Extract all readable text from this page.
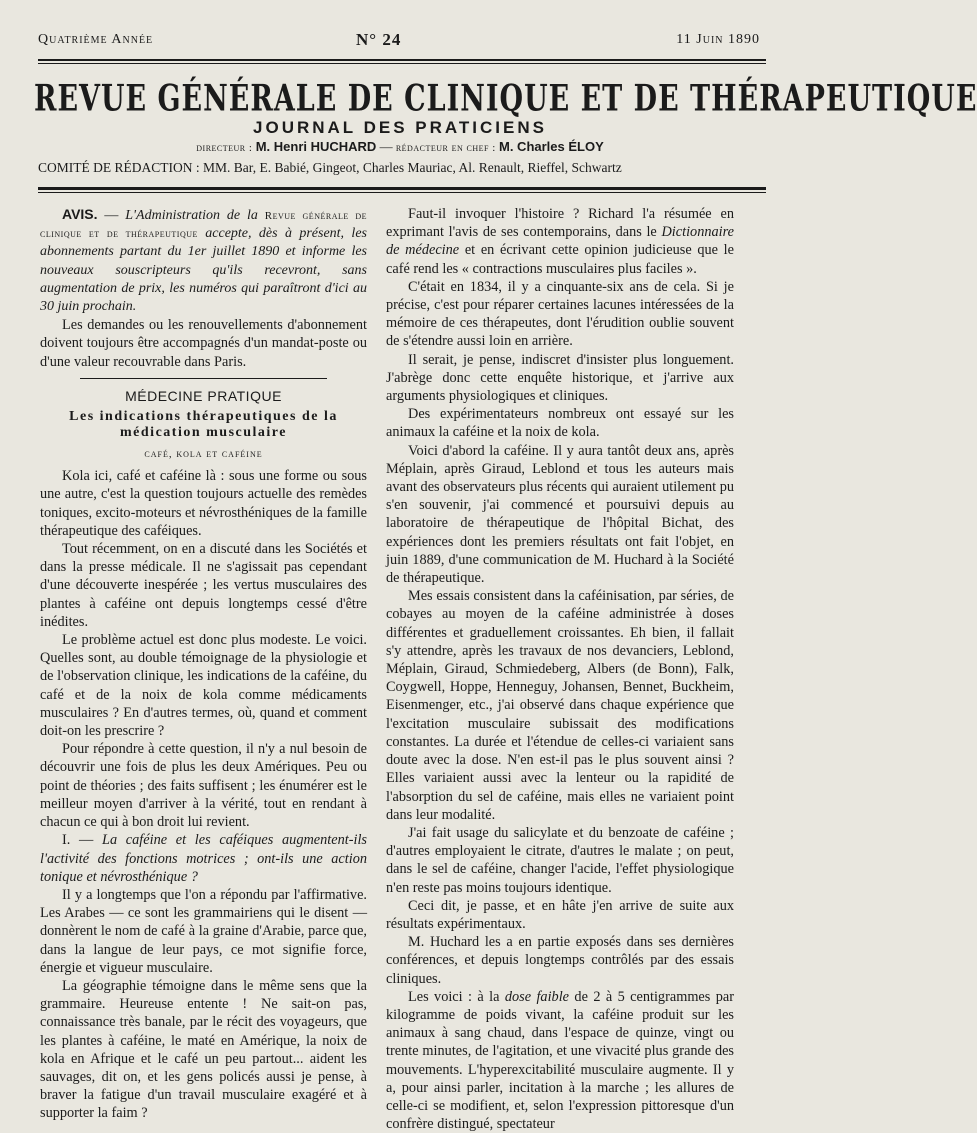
Quatrième Année	N° 24	11 Juin 1890
REVUE GÉNÉRALE DE CLINIQUE ET DE THÉRAPEUTIQUE
JOURNAL DES PRATICIENS
directeur : M. Henri HUCHARD — rédacteur en chef : M. Charles ÉLOY
COMITÉ DE RÉDACTION : MM. Bar, E. Babié, Gingeot, Charles Mauriac, Al. Renault, Rieffel, Schwartz

AVIS. — L'Administration de la Revue générale de clinique et de thérapeutique accepte, dès à présent, les abonnements partant du 1er juillet 1890 et informe les nouveaux souscripteurs qu'ils recevront, sans augmentation de prix, les numéros qui paraîtront d'ici au 30 juin prochain.

Les demandes ou les renouvellements d'abonnement doivent toujours être accompagnés d'un mandat-poste ou d'une valeur recouvrable dans Paris.

MÉDECINE PRATIQUE
Les indications thérapeutiques de la médication musculaire
café, kola et caféine

Kola ici, café et caféine là : sous une forme ou sous une autre, c'est la question toujours actuelle des remèdes toniques, excito-moteurs et névrosthéniques de la famille thérapeutique des caféiques.

Tout récemment, on en a discuté dans les Sociétés et dans la presse médicale. Il ne s'agissait pas cependant d'une découverte inespérée ; les vertus musculaires des plantes à caféine ont depuis longtemps cessé d'être inédites.

Le problème actuel est donc plus modeste. Le voici. Quelles sont, au double témoignage de la physiologie et de l'observation clinique, les indications de la caféine, du café et de la noix de kola comme médicaments musculaires ? En d'autres termes, où, quand et comment doit-on les prescrire ?

Pour répondre à cette question, il n'y a nul besoin de découvrir une fois de plus les deux Amériques. Peu ou point de théories ; des faits suffisent ; les énumérer est le meilleur moyen d'arriver à la vérité, tout en rendant à chacun ce qui à bon droit lui revient.

I. — La caféine et les caféiques augmentent-ils l'activité des fonctions motrices ; ont-ils une action tonique et névrosthénique ?

Il y a longtemps que l'on a répondu par l'affirmative. Les Arabes — ce sont les grammairiens qui le disent — donnèrent le nom de café à la graine d'Arabie, parce que, dans la langue de leur pays, ce mot signifie force, énergie et vigueur musculaire.

La géographie témoigne dans le même sens que la grammaire. Heureuse entente ! Ne sait-on pas, connaissance très banale, par le récit des voyageurs, que les plantes à caféine, le maté en Amérique, la noix de kola en Afrique et le café un peu partout... aident les sauvages, dit on, et les gens policés aussi je pense, à braver la fatigue d'un travail musculaire exagéré et à supporter la faim ?

Faut-il invoquer l'histoire ? Richard l'a résumée en exprimant l'avis de ses contemporains, dans le Dictionnaire de médecine et en écrivant cette opinion judicieuse que le café rend les « contractions musculaires plus faciles ».

C'était en 1834, il y a cinquante-six ans de cela. Si je précise, c'est pour réparer certaines lacunes intéressées de la mémoire de ces thérapeutes, dont l'érudition oublie souvent de s'étendre aussi loin en arrière.

Il serait, je pense, indiscret d'insister plus longuement. J'abrège donc cette enquête historique, et j'arrive aux arguments physiologiques et cliniques.

Des expérimentateurs nombreux ont essayé sur les animaux la caféine et la noix de kola.

Voici d'abord la caféine. Il y aura tantôt deux ans, après Méplain, après Giraud, Leblond et tous les auteurs mais avant des observateurs plus récents qui auraient utilement pu s'en souvenir, j'ai commencé et poursuivi depuis au laboratoire de thérapeutique de l'hôpital Bichat, des expériences dont les premiers résultats ont fait l'objet, en juin 1889, d'une communication de M. Huchard à la Société de thérapeutique.

Mes essais consistent dans la caféinisation, par séries, de cobayes au moyen de la caféine administrée à doses différentes et graduellement croissantes. Eh bien, il fallait s'y attendre, après les travaux de nos devanciers, Leblond, Méplain, Giraud, Schmiedeberg, Albers (de Bonn), Falk, Coygwell, Hoppe, Henneguy, Johansen, Bennet, Buckheim, Eisenmenger, etc., j'ai observé dans chaque expérience que l'excitation musculaire subissait des modifications constantes. La durée et l'étendue de celles-ci variaient sans doute avec la dose. N'en est-il pas le plus souvent ainsi ? Elles variaient aussi avec la lenteur ou la rapidité de l'absorption du sel de caféine, mais elles ne variaient point dans leur modalité.

J'ai fait usage du salicylate et du benzoate de caféine ; d'autres employaient le citrate, d'autres le malate ; on peut, dans le sel de caféine, changer l'acide, l'effet physiologique n'en reste pas moins toujours identique.

Ceci dit, je passe, et en hâte j'en arrive de suite aux résultats expérimentaux.

M. Huchard les a en partie exposés dans ses dernières conférences, et depuis longtemps contrôlés par des essais cliniques.

Les voici : à la dose faible de 2 à 5 centigrammes par kilogramme de poids vivant, la caféine produit sur les animaux à sang chaud, dans l'espace de quinze, vingt ou trente minutes, de l'agitation, et une vivacité plus grande des mouvements. L'hyperexcitabilité musculaire augmente. Il y a, pour ainsi parler, incitation à la marche ; les allures de celle-ci se modifient, et, selon l'expression pittoresque d'un confrère distingué, spectateur
